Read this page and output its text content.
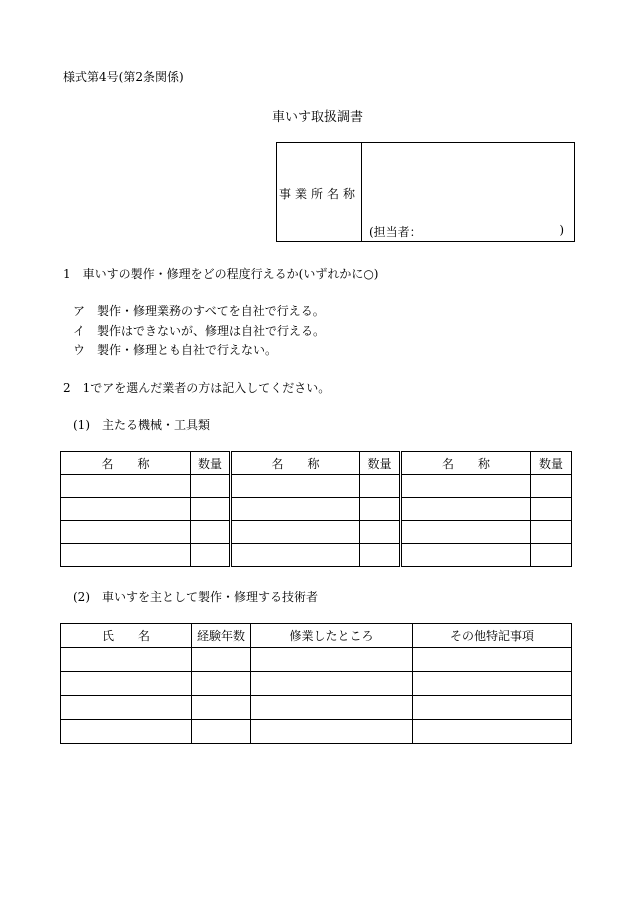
様式第4号(第2条関係)
車いす取扱調書
事業所名称
(担当者：	)
1　車いすの製作・修理をどの程度行えるか(いずれかに○)
ア　製作・修理業務のすべてを自社で行える。
イ　製作はできないが、修理は自社で行える。
ウ　製作・修理とも自社で行えない。
2　1でアを選んだ業者の方は記入してください。
(1)　主たる機械・工具類
名　　称	数量	名　　称	数量	名　　称	数量

(2)　車いすを主として製作・修理する技術者
氏　　名	経験年数	修業したところ	その他特記事項
